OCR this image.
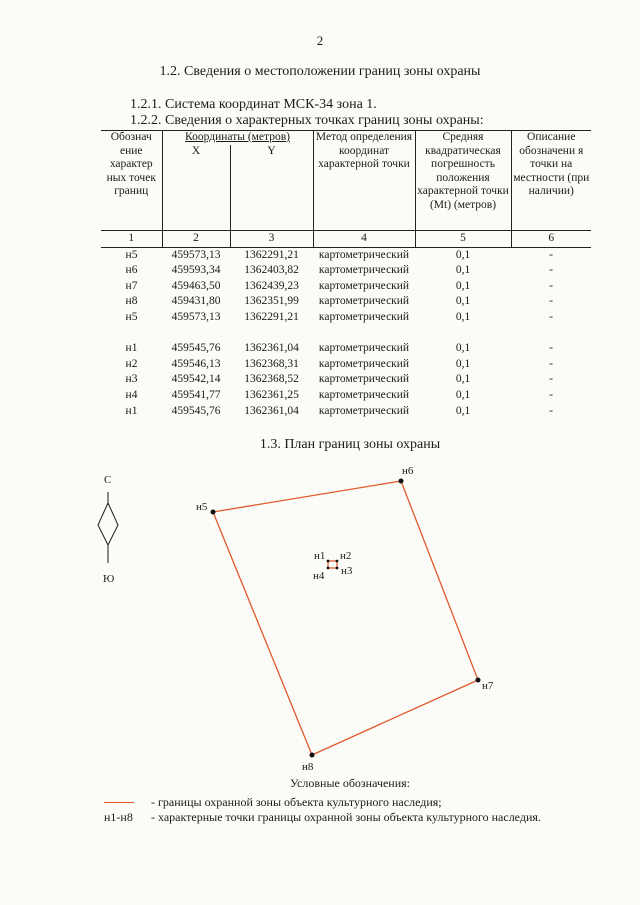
2
1.2. Сведения о местоположении границ зоны охраны
1.2.1. Система координат МСК-34 зона 1.
1.2.2. Сведения о характерных точках границ зоны охраны:
Обознач ение характер ных точек границ	Координаты (метров)		Метод определения координат характерной точки	Средняя квадратическая погрешность положения характерной точки (Mt) (метров)	Описание обозначени я точки на местности (при наличии)
	X	Y			
1	2	3	4	5	6
н5	459573,13	1362291,21	картометрический	0,1	-
н6	459593,34	1362403,82	картометрический	0,1	-
н7	459463,50	1362439,23	картометрический	0,1	-
н8	459431,80	1362351,99	картометрический	0,1	-
н5	459573,13	1362291,21	картометрический	0,1	-

н1	459545,76	1362361,04	картометрический	0,1	-
н2	459546,13	1362368,31	картометрический	0,1	-
н3	459542,14	1362368,52	картометрический	0,1	-
н4	459541,77	1362361,25	картометрический	0,1	-
н1	459545,76	1362361,04	картометрический	0,1	-
1.3. План границ зоны охраны
С
Ю
н5
н6
н7
н8
н1 н2
н3
н4
Условные обозначения:
- границы охранной зоны объекта культурного наследия;
н1-н8 - характерные точки границы охранной зоны объекта культурного наследия.
